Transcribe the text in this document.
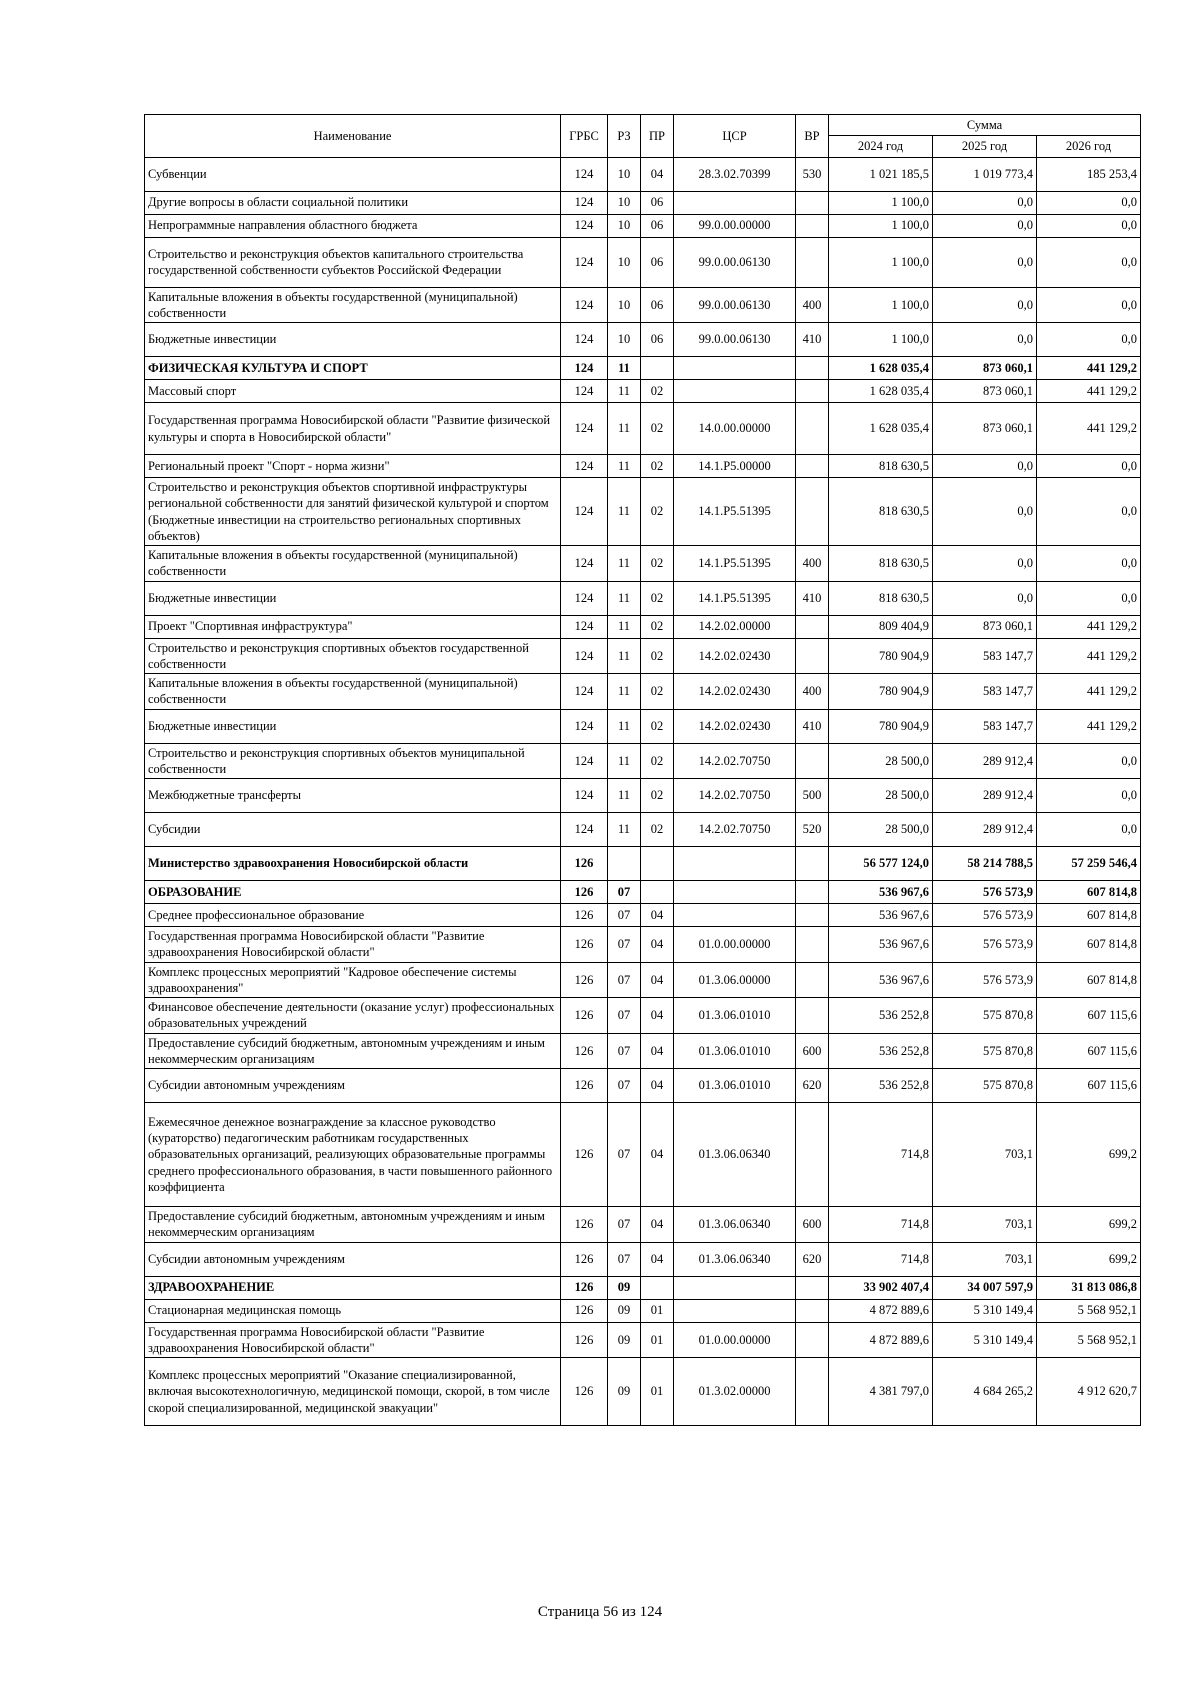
Наименование	ГРБС	РЗ	ПР	ЦСР	ВР	Сумма		
						2024 год	2025 год	2026 год
Субвенции	124	10	04	28.3.02.70399	530	1 021 185,5	1 019 773,4	185 253,4
Другие вопросы в области социальной политики	124	10	06			1 100,0	0,0	0,0
Непрограммные направления областного бюджета	124	10	06	99.0.00.00000		1 100,0	0,0	0,0
Строительство и реконструкция объектов капитального строительства государственной собственности субъектов Российской Федерации	124	10	06	99.0.00.06130		1 100,0	0,0	0,0
Капитальные вложения в объекты государственной (муниципальной) собственности	124	10	06	99.0.00.06130	400	1 100,0	0,0	0,0
Бюджетные инвестиции	124	10	06	99.0.00.06130	410	1 100,0	0,0	0,0
ФИЗИЧЕСКАЯ КУЛЬТУРА И СПОРТ	124	11				1 628 035,4	873 060,1	441 129,2
Массовый спорт	124	11	02			1 628 035,4	873 060,1	441 129,2
Государственная программа Новосибирской области "Развитие физической культуры и спорта в Новосибирской области"	124	11	02	14.0.00.00000		1 628 035,4	873 060,1	441 129,2
Региональный проект "Спорт - норма жизни"	124	11	02	14.1.P5.00000		818 630,5	0,0	0,0
Строительство и реконструкция объектов спортивной инфраструктуры региональной собственности для занятий физической культурой и спортом (Бюджетные инвестиции на строительство региональных спортивных объектов)	124	11	02	14.1.P5.51395		818 630,5	0,0	0,0
Капитальные вложения в объекты государственной (муниципальной) собственности	124	11	02	14.1.P5.51395	400	818 630,5	0,0	0,0
Бюджетные инвестиции	124	11	02	14.1.P5.51395	410	818 630,5	0,0	0,0
Проект "Спортивная инфраструктура"	124	11	02	14.2.02.00000		809 404,9	873 060,1	441 129,2
Строительство и реконструкция спортивных объектов государственной собственности	124	11	02	14.2.02.02430		780 904,9	583 147,7	441 129,2
Капитальные вложения в объекты государственной (муниципальной) собственности	124	11	02	14.2.02.02430	400	780 904,9	583 147,7	441 129,2
Бюджетные инвестиции	124	11	02	14.2.02.02430	410	780 904,9	583 147,7	441 129,2
Строительство и реконструкция спортивных объектов муниципальной собственности	124	11	02	14.2.02.70750		28 500,0	289 912,4	0,0
Межбюджетные трансферты	124	11	02	14.2.02.70750	500	28 500,0	289 912,4	0,0
Субсидии	124	11	02	14.2.02.70750	520	28 500,0	289 912,4	0,0
Министерство здравоохранения Новосибирской области	126					56 577 124,0	58 214 788,5	57 259 546,4
ОБРАЗОВАНИЕ	126	07				536 967,6	576 573,9	607 814,8
Среднее профессиональное образование	126	07	04			536 967,6	576 573,9	607 814,8
Государственная программа Новосибирской области "Развитие здравоохранения Новосибирской области"	126	07	04	01.0.00.00000		536 967,6	576 573,9	607 814,8
Комплекс процессных мероприятий "Кадровое обеспечение системы здравоохранения"	126	07	04	01.3.06.00000		536 967,6	576 573,9	607 814,8
Финансовое обеспечение деятельности (оказание услуг) профессиональных образовательных учреждений	126	07	04	01.3.06.01010		536 252,8	575 870,8	607 115,6
Предоставление субсидий бюджетным, автономным учреждениям и иным некоммерческим организациям	126	07	04	01.3.06.01010	600	536 252,8	575 870,8	607 115,6
Субсидии автономным учреждениям	126	07	04	01.3.06.01010	620	536 252,8	575 870,8	607 115,6
Ежемесячное денежное вознаграждение за классное руководство (кураторство) педагогическим работникам государственных образовательных организаций, реализующих образовательные программы среднего профессионального образования, в части повышенного районного коэффициента	126	07	04	01.3.06.06340		714,8	703,1	699,2
Предоставление субсидий бюджетным, автономным учреждениям и иным некоммерческим организациям	126	07	04	01.3.06.06340	600	714,8	703,1	699,2
Субсидии автономным учреждениям	126	07	04	01.3.06.06340	620	714,8	703,1	699,2
ЗДРАВООХРАНЕНИЕ	126	09				33 902 407,4	34 007 597,9	31 813 086,8
Стационарная медицинская помощь	126	09	01			4 872 889,6	5 310 149,4	5 568 952,1
Государственная программа Новосибирской области "Развитие здравоохранения Новосибирской области"	126	09	01	01.0.00.00000		4 872 889,6	5 310 149,4	5 568 952,1
Комплекс процессных мероприятий "Оказание специализированной, включая высокотехнологичную, медицинской помощи, скорой, в том числе скорой специализированной, медицинской эвакуации"	126	09	01	01.3.02.00000		4 381 797,0	4 684 265,2	4 912 620,7
Страница 56 из 124
